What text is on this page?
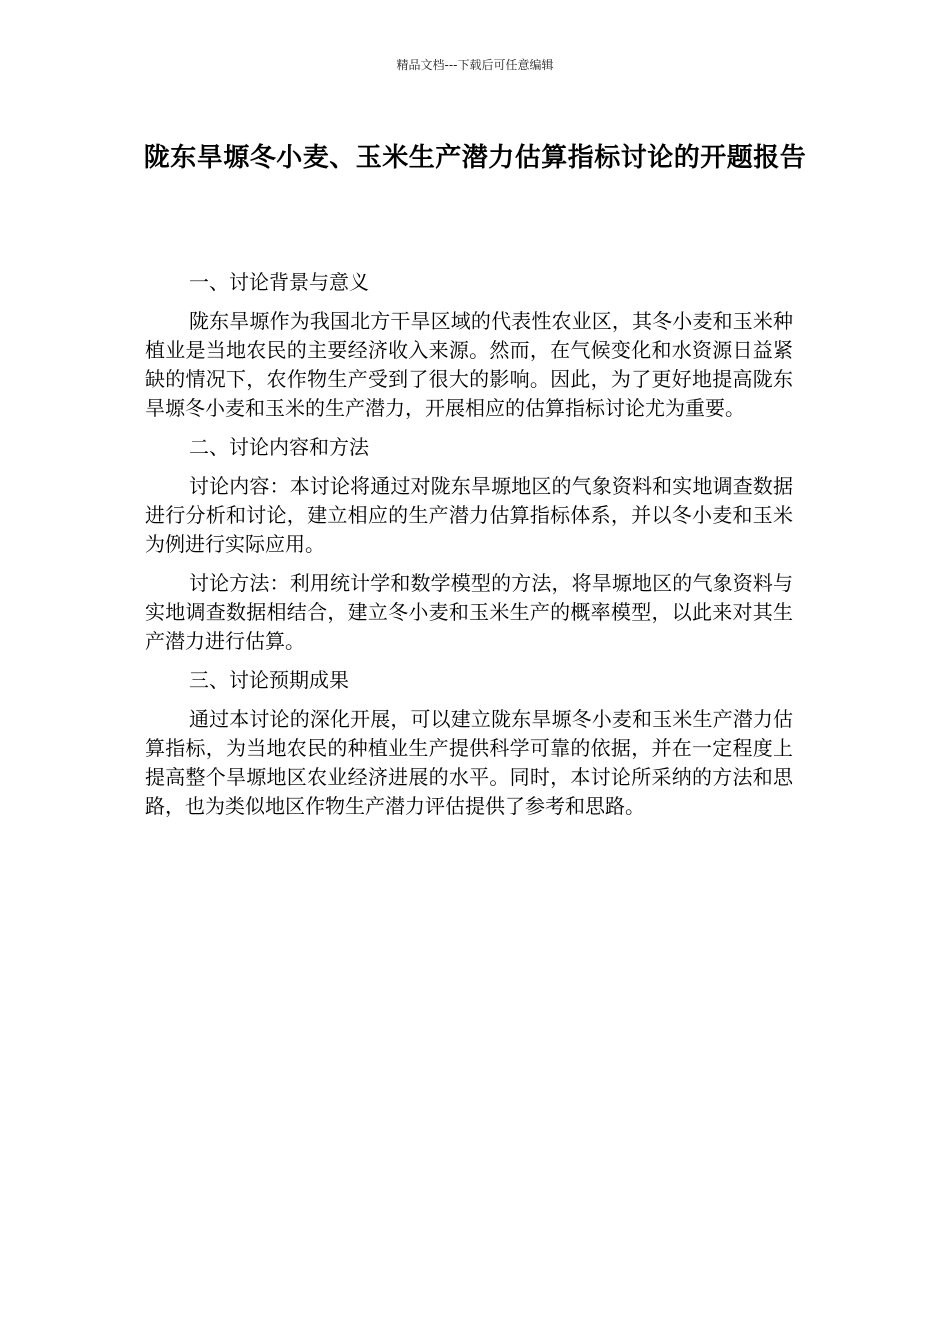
精品文档---下载后可任意编辑
陇东旱塬冬小麦、玉米生产潜力估算指标讨论的开题报告

一、讨论背景与意义

陇东旱塬作为我国北方干旱区域的代表性农业区，其冬小麦和玉米种植业是当地农民的主要经济收入来源。然而，在气候变化和水资源日益紧缺的情况下，农作物生产受到了很大的影响。因此，为了更好地提高陇东旱塬冬小麦和玉米的生产潜力，开展相应的估算指标讨论尤为重要。

二、讨论内容和方法

讨论内容：本讨论将通过对陇东旱塬地区的气象资料和实地调查数据进行分析和讨论，建立相应的生产潜力估算指标体系，并以冬小麦和玉米为例进行实际应用。

讨论方法：利用统计学和数学模型的方法，将旱塬地区的气象资料与实地调查数据相结合，建立冬小麦和玉米生产的概率模型，以此来对其生产潜力进行估算。

三、讨论预期成果

通过本讨论的深化开展，可以建立陇东旱塬冬小麦和玉米生产潜力估算指标，为当地农民的种植业生产提供科学可靠的依据，并在一定程度上提高整个旱塬地区农业经济进展的水平。同时，本讨论所采纳的方法和思路，也为类似地区作物生产潜力评估提供了参考和思路。
